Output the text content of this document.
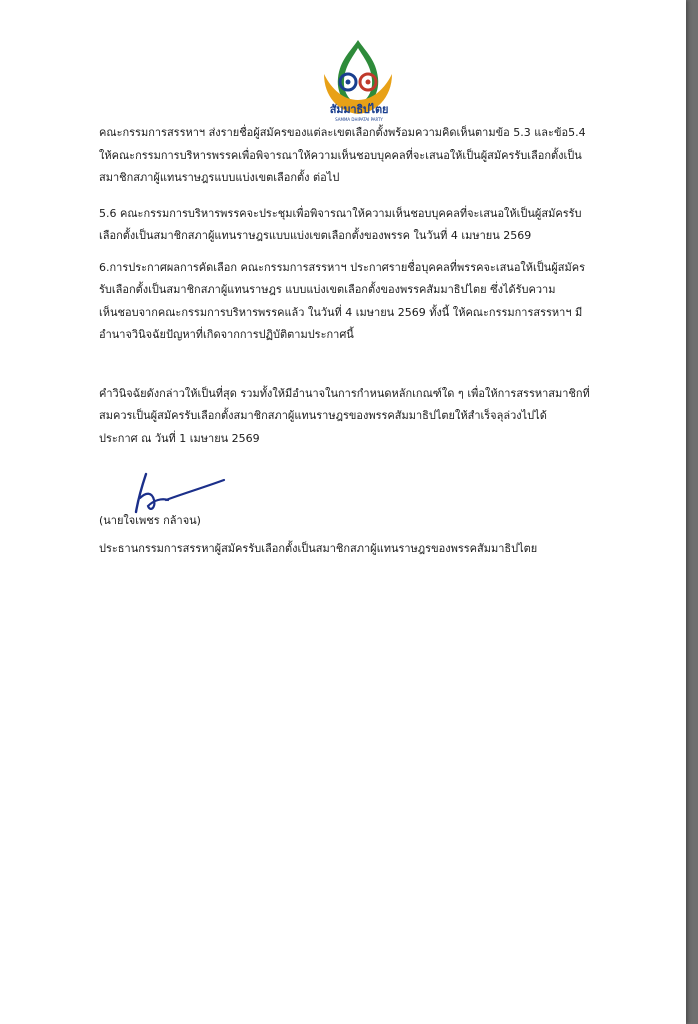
สัมมาธิปไตย
SAMMA DHIPATAI PARTY

คณะกรรมการสรรหาฯ ส่งรายชื่อผู้สมัครของแต่ละเขตเลือกตั้งพร้อมความคิดเห็นตามข้อ 5.3 และข้อ5.4
ให้คณะกรรมการบริหารพรรคเพื่อพิจารณาให้ความเห็นชอบบุคคลที่จะเสนอให้เป็นผู้สมัครรับเลือกตั้งเป็น
สมาชิกสภาผู้แทนราษฎรแบบแบ่งเขตเลือกตั้ง ต่อไป

5.6 คณะกรรมการบริหารพรรคจะประชุมเพื่อพิจารณาให้ความเห็นชอบบุคคลที่จะเสนอให้เป็นผู้สมัครรับ
เลือกตั้งเป็นสมาชิกสภาผู้แทนราษฎรแบบแบ่งเขตเลือกตั้งของพรรค ในวันที่ 4 เมษายน 2569

6.การประกาศผลการคัดเลือก คณะกรรมการสรรหาฯ ประกาศรายชื่อบุคคลที่พรรคจะเสนอให้เป็นผู้สมัคร
รับเลือกตั้งเป็นสมาชิกสภาผู้แทนราษฎร แบบแบ่งเขตเลือกตั้งของพรรคสัมมาธิปไตย ซึ่งได้รับความ
เห็นชอบจากคณะกรรมการบริหารพรรคแล้ว ในวันที่ 4 เมษายน 2569 ทั้งนี้ ให้คณะกรรมการสรรหาฯ มี
อำนาจวินิจฉัยปัญหาที่เกิดจากการปฏิบัติตามประกาศนี้

คำวินิจฉัยดังกล่าวให้เป็นที่สุด รวมทั้งให้มีอำนาจในการกำหนดหลักเกณฑ์ใด ๆ เพื่อให้การสรรหาสมาชิกที่
สมควรเป็นผู้สมัครรับเลือกตั้งสมาชิกสภาผู้แทนราษฎรของพรรคสัมมาธิปไตยให้สำเร็จลุล่วงไปได้

ประกาศ ณ วันที่ 1 เมษายน 2569

(นายใจเพชร กล้าจน)
ประธานกรรมการสรรหาผู้สมัครรับเลือกตั้งเป็นสมาชิกสภาผู้แทนราษฎรของพรรคสัมมาธิปไตย
CS สแกนด้วย CamScanner
